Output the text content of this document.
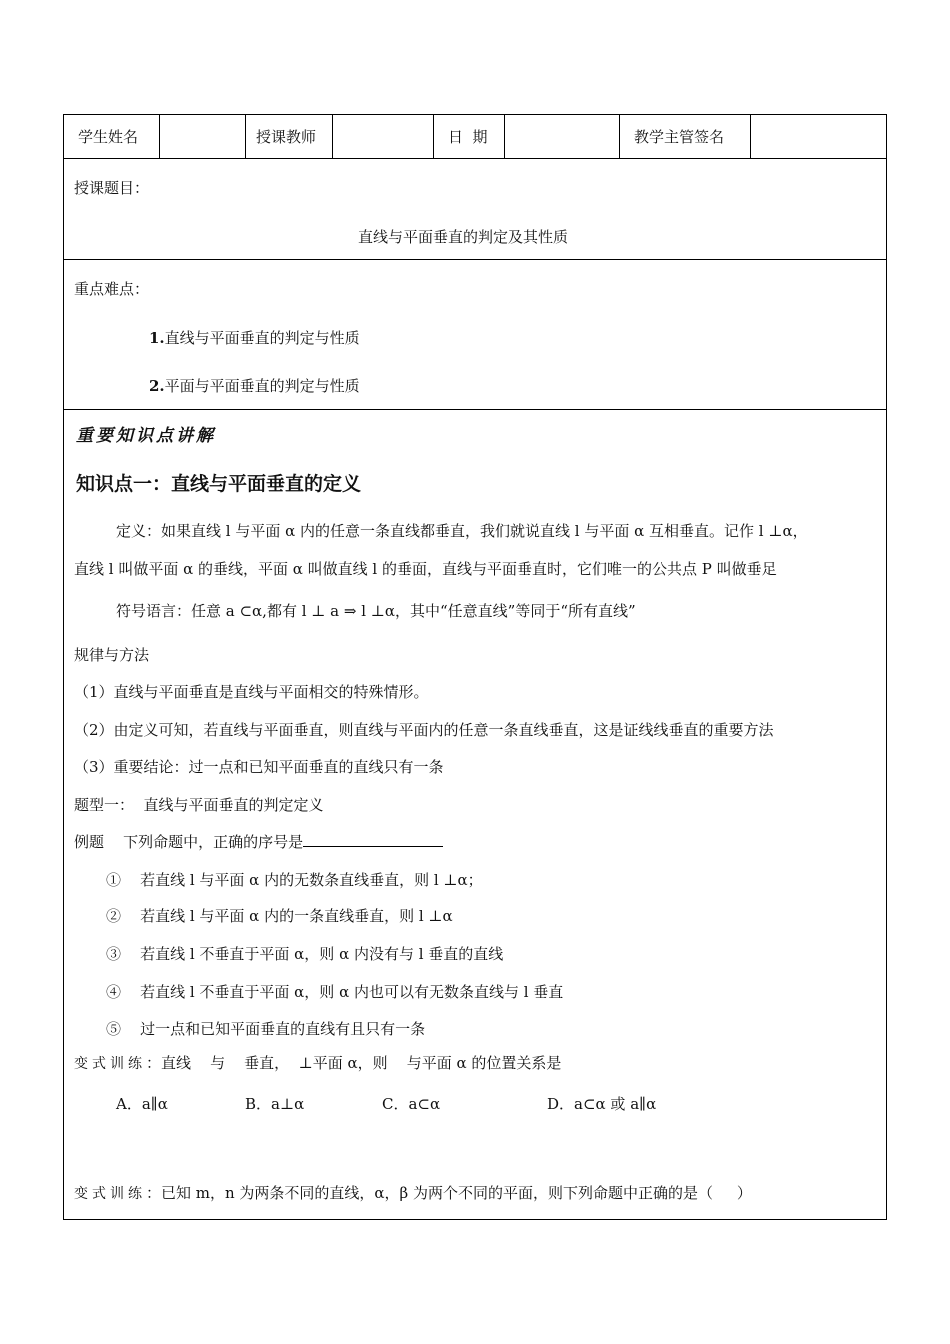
学生姓名	授课教师	日  期	教学主管签名
授课题目：
直线与平面垂直的判定及其性质
重点难点：
1.直线与平面垂直的判定与性质
2.平面与平面垂直的判定与性质
重要知识点讲解
知识点一：直线与平面垂直的定义
定义：如果直线 l 与平面 α 内的任意一条直线都垂直，我们就说直线 l 与平面 α 互相垂直。记作 l ⊥α，
直线 l 叫做平面 α 的垂线，平面 α 叫做直线 l 的垂面，直线与平面垂直时，它们唯一的公共点 P 叫做垂足
符号语言：任意 a ⊂α,都有 l ⊥ a ⇒ l ⊥α，其中“任意直线”等同于“所有直线”
规律与方法
（1）直线与平面垂直是直线与平面相交的特殊情形。
（2）由定义可知，若直线与平面垂直，则直线与平面内的任意一条直线垂直，这是证线线垂直的重要方法
（3）重要结论：过一点和已知平面垂直的直线只有一条
题型一：  直线与平面垂直的判定定义
例题    下列命题中，正确的序号是
①    若直线 l 与平面 α 内的无数条直线垂直，则 l ⊥α；
②    若直线 l 与平面 α 内的一条直线垂直，则 l ⊥α
③    若直线 l 不垂直于平面 α，则 α 内没有与 l 垂直的直线
④    若直线 l 不垂直于平面 α，则 α 内也可以有无数条直线与 l 垂直
⑤    过一点和已知平面垂直的直线有且只有一条
变式训练：直线    与    垂直，  ⊥平面 α，则    与平面 α 的位置关系是
A．a∥α	B．a⊥α	C．a⊂α	D．a⊂α 或 a∥α
变式训练：已知 m，n 为两条不同的直线，α，β 为两个不同的平面，则下列命题中正确的是（     ）
